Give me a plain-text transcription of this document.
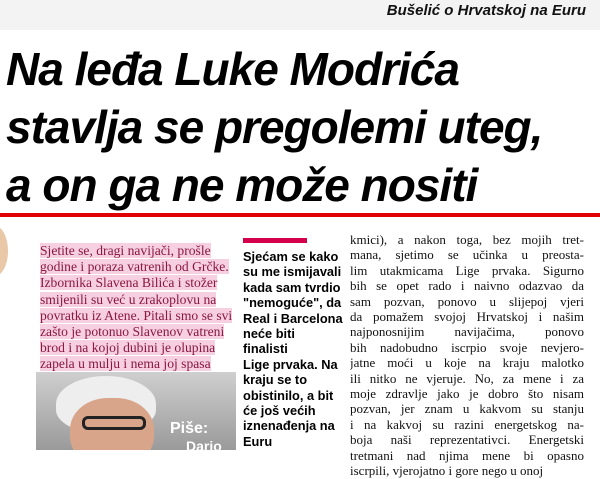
Bušelić o Hrvatskoj na Euru
Na leđa Luke Modrića
stavlja se pregolemi uteg,
a on ga ne može nositi
Sjetite se, dragi navijači, prošle
godine i poraza vatrenih od Grčke.
Izbornika Slavena Bilića i stožer
smijenili su već u zrakoplovu na
povratku iz Atene. Pitali smo se svi
zašto je potonuo Slavenov vatreni
brod i na kojoj dubini je olupina
zapela u mulju i nema joj spasa
Piše:
Dario
Sjećam se kako
su me ismijavali
kada sam tvrdio
"nemoguće", da
Real i Barcelona
neće biti finalisti
Lige prvaka. Na
kraju se to
obistinilo, a bit
će još većih
iznenađenja na
Euru
kmici), a nakon toga, bez mojih tret-
mana, sjetimo se učinka u preosta-
lim utakmicama Lige prvaka. Sigurno
bih se opet rado i naivno odazvao da
sam pozvan, ponovo u slijepoj vjeri
da pomažem svojoj Hrvatskoj i našim
najponosnijim navijačima, ponovo
bih nadobudno iscrpio svoje nevjero-
jatne moći u koje na kraju malotko
ili nitko ne vjeruje. No, za mene i za
moje zdravlje jako je dobro što nisam
pozvan, jer znam u kakvom su stanju
i na kakvoj su razini energetskog na-
boja naši reprezentativci. Energetski
tretmani nad njima mene bi opasno
iscrpili, vjerojatno i gore nego u onoj
